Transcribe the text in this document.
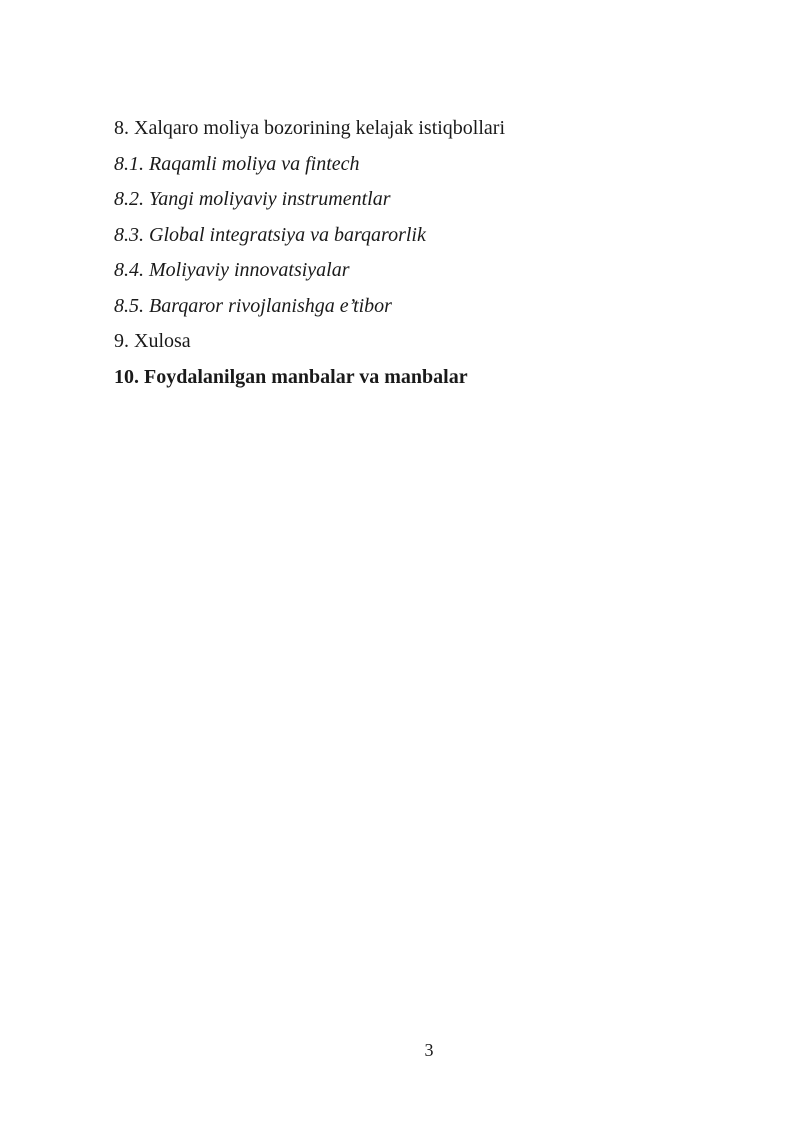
8. Xalqaro moliya bozorining kelajak istiqbollari
8.1. Raqamli moliya va fintech
8.2. Yangi moliyaviy instrumentlar
8.3. Global integratsiya va barqarorlik
8.4. Moliyaviy innovatsiyalar
8.5. Barqaror rivojlanishga e’tibor
9. Xulosa
10. Foydalanilgan manbalar va manbalar
3
